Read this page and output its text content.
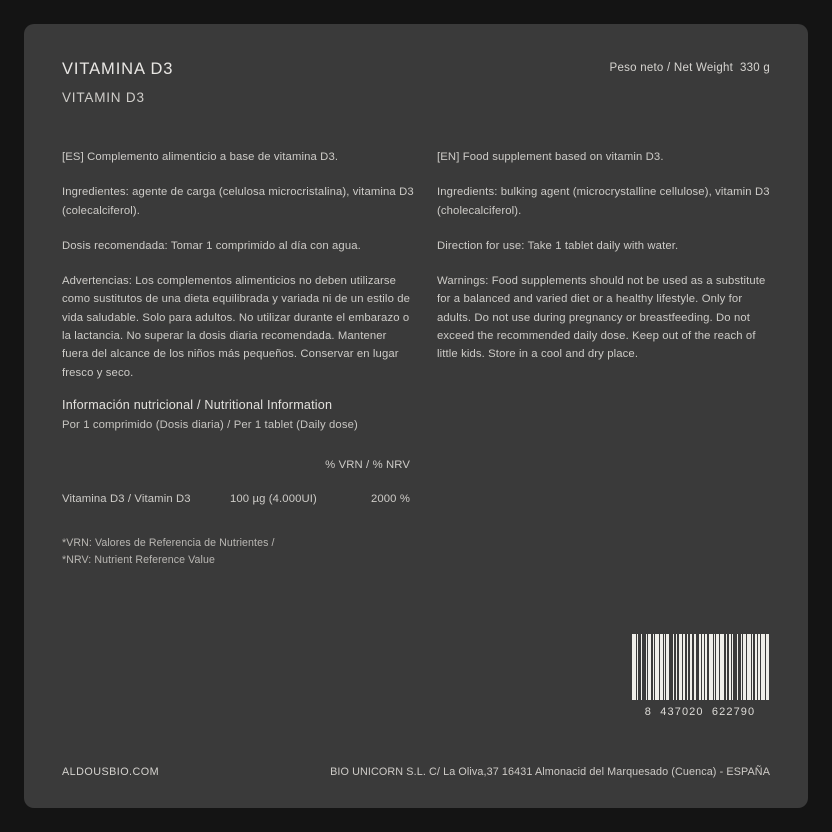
VITAMINA D3
VITAMIN D3
Peso neto / Net Weight  330 g

[ES] Complemento alimenticio a base de vitamina D3.

Ingredientes: agente de carga (celulosa microcristalina), vitamina D3 (colecalciferol).

Dosis recomendada: Tomar 1 comprimido al día con agua.

Advertencias: Los complementos alimenticios no deben utilizarse como sustitutos de una dieta equilibrada y variada ni de un estilo de vida saludable. Solo para adultos. No utilizar durante el embarazo o la lactancia. No superar la dosis diaria recomendada. Mantener fuera del alcance de los niños más pequeños. Conservar en lugar fresco y seco.

[EN] Food supplement based on vitamin D3.

Ingredients: bulking agent (microcrystalline cellulose), vitamin D3 (cholecalciferol).

Direction for use: Take 1 tablet daily with water.

Warnings: Food supplements should not be used as a substitute for a balanced and varied diet or a healthy lifestyle. Only for adults. Do not use during pregnancy or breastfeeding. Do not exceed the recommended daily dose. Keep out of the reach of little kids. Store in a cool and dry place.

Información nutricional / Nutritional Information
Por 1 comprimido (Dosis diaria) / Per 1 tablet (Daily dose)
		% VRN / % NRV
Vitamina D3 / Vitamin D3	100 µg (4.000UI)	2000 %
*VRN: Valores de Referencia de Nutrientes /
*NRV: Nutrient Reference Value
8  437020  622790
ALDOUSBIO.COM	BIO UNICORN S.L. C/ La Oliva,37 16431 Almonacid del Marquesado (Cuenca) - ESPAÑA
